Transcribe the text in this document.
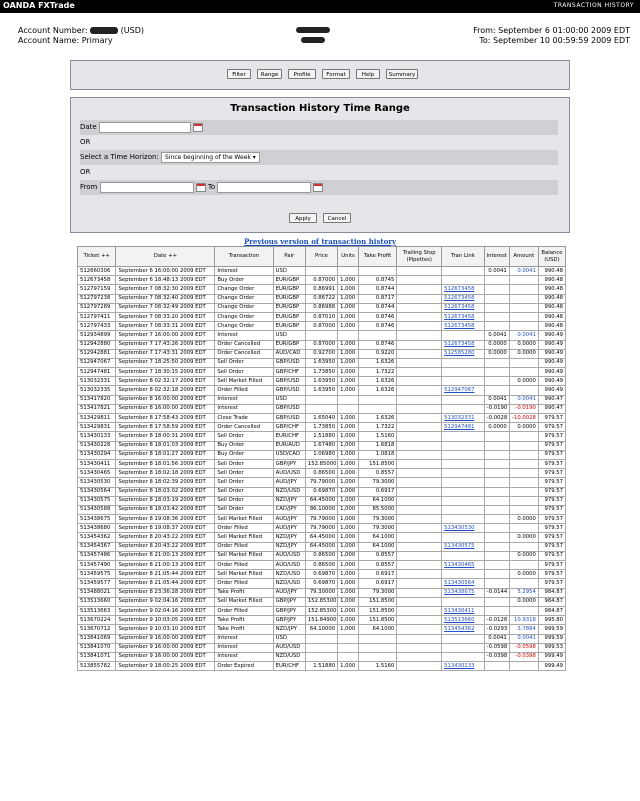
OANDA FXTrade	TRANSACTION HISTORY
Account Number:	(USD)
Account Name: Primary
From: September 6 01:00:00 2009 EDT
To: September 10 00:59:59 2009 EDT
Filter	Range	Profile	Format	Help	Summary
Transaction History Time Range
Date
OR
Select a Time Horizon: Since beginning of the Week ▾
OR
From	To
Apply	Cancel
Previous version of transaction history
Ticket ++	Date ++	Transaction	Pair	Price	Units	Take Profit	Trailing Stop (Pipettes)	Tran Link	Interest	Amount	Balance (USD)
512660306	September 6 16:00:00 2009 EDT	Interest	USD						0.0041	0.0041	990.48
512673458	September 6 18:48:13 2009 EDT	Buy Order	EUR/GBP	0.87000	1,000	0.8745					990.48
512797159	September 7 08:32:30 2009 EDT	Change Order	EUR/GBP	0.86991	1,000	0.8744		512673458			990.48
512797238	September 7 08:32:40 2009 EDT	Change Order	EUR/GBP	0.86722	1,000	0.8717		512673458			990.48
512797289	September 7 08:32:49 2009 EDT	Change Order	EUR/GBP	0.86988	1,000	0.8744		512673458			990.48
512797411	September 7 08:33:20 2009 EDT	Change Order	EUR/GBP	0.87010	1,000	0.8746		512673458			990.48
512797433	September 7 08:33:31 2009 EDT	Change Order	EUR/GBP	0.87000	1,000	0.8746		512673458			990.48
512934899	September 7 16:00:00 2009 EDT	Interest	USD						0.0041	0.0041	990.49
512942880	September 7 17:43:26 2009 EDT	Order Cancelled	EUR/GBP	0.87000	1,000	0.8746		512673458	0.0000	0.0000	990.49
512942881	September 7 17:43:31 2009 EDT	Order Cancelled	AUD/CAD	0.92700	1,000	0.9220		512585280	0.0000	0.0000	990.49
512947067	September 7 18:25:50 2009 EDT	Sell Order	GBP/USD	1.63950	1,000	1.6326					990.49
512947481	September 7 18:30:15 2009 EDT	Sell Order	GBP/CHF	1.73850	1,000	1.7322					990.49
513032331	September 8 02:32:17 2009 EDT	Sell Market Filled	GBP/USD	1.63950	1,000	1.6326				0.0000	990.49
513032335	September 8 02:32:18 2009 EDT	Order Filled	GBP/USD	1.63950	1,000	1.6326		512947067			990.49
513417820	September 8 16:00:00 2009 EDT	Interest	USD						0.0041	0.0041	990.47
513417821	September 8 16:00:00 2009 EDT	Interest	GBP/USD						-0.0190	-0.0190	990.47
513429811	September 8 17:58:43 2009 EDT	Close Trade	GBP/USD	1.65040	1,000	1.6326		513032331	-0.0028	-10.0028	979.57
513429831	September 8 17:58:59 2009 EDT	Order Cancelled	GBP/CHF	1.73850	1,000	1.7322		512947481	0.0000	0.0000	979.57
513430133	September 8 18:00:31 2009 EDT	Sell Order	EUR/CHF	1.51880	1,000	1.5160					979.57
513430228	September 8 18:01:03 2009 EDT	Buy Order	EUR/AUD	1.67480	1,000	1.6818					979.57
513430294	September 8 18:01:27 2009 EDT	Buy Order	USD/CAD	1.06980	1,000	1.0818					979.57
513430411	September 8 18:01:56 2009 EDT	Sell Order	GBP/JPY	152.85000	1,000	151.8500					979.57
513430465	September 8 18:02:18 2009 EDT	Sell Order	AUD/USD	0.86500	1,000	0.8557					979.57
513430530	September 8 18:02:39 2009 EDT	Sell Order	AUD/JPY	79.79000	1,000	79.3000					979.57
513430564	September 8 18:03:02 2009 EDT	Sell Order	NZD/USD	0.69870	1,000	0.6917					979.57
513430575	September 8 18:03:19 2009 EDT	Sell Order	NZD/JPY	64.45000	1,000	64.1000					979.57
513430588	September 8 18:03:42 2009 EDT	Sell Order	CAD/JPY	86.10000	1,000	85.5000					979.57
513438675	September 8 19:08:36 2009 EDT	Sell Market Filled	AUD/JPY	79.79000	1,000	79.3000				0.0000	979.57
513438680	September 8 19:08:37 2009 EDT	Order Filled	AUD/JPY	79.79000	1,000	79.3000		513430530			979.57
513454362	September 8 20:43:22 2009 EDT	Sell Market Filled	NZD/JPY	64.45000	1,000	64.1000				0.0000	979.57
513454367	September 8 20:43:22 2009 EDT	Order Filled	NZD/JPY	64.45000	1,000	64.1000		513430575			979.57
513457486	September 8 21:00:13 2009 EDT	Sell Market Filled	AUD/USD	0.86500	1,000	0.8557				0.0000	979.57
513457490	September 8 21:00:13 2009 EDT	Order Filled	AUD/USD	0.86500	1,000	0.8557		513430465			979.57
513459575	September 8 21:05:44 2009 EDT	Sell Market Filled	NZD/USD	0.69870	1,000	0.6917				0.0000	979.57
513459577	September 8 21:05:44 2009 EDT	Order Filled	NZD/USD	0.69870	1,000	0.6917		513430564			979.57
513488021	September 8 23:36:28 2009 EDT	Take Profit	AUD/JPY	79.30000	1,000	79.3000		513438675	-0.0144	5.2954	984.87
513513660	September 9 02:04:16 2009 EDT	Sell Market Filled	GBP/JPY	152.85300	1,000	151.8500				0.0000	984.87
513513663	September 9 02:04:16 2009 EDT	Order Filled	GBP/JPY	152.85300	1,000	151.8500		513430411			984.87
513670224	September 9 10:03:05 2009 EDT	Take Profit	GBP/JPY	151.84900	1,000	151.8500		513513660	-0.0128	10.9318	995.80
513670712	September 9 10:03:10 2009 EDT	Take Profit	NZD/JPY	64.10000	1,000	64.1000		513454362	-0.0293	3.7884	999.59
513841069	September 9 16:00:00 2009 EDT	Interest	USD						0.0041	0.0041	999.59
513841070	September 9 16:00:00 2009 EDT	Interest	AUD/USD						-0.0598	-0.0598	999.53
513841071	September 9 16:00:00 2009 EDT	Interest	NZD/USD						-0.0398	-0.0398	999.49
513855782	September 9 18:00:25 2009 EDT	Order Expired	EUR/CHF	1.51880	1,000	1.5160		513430133			999.49
